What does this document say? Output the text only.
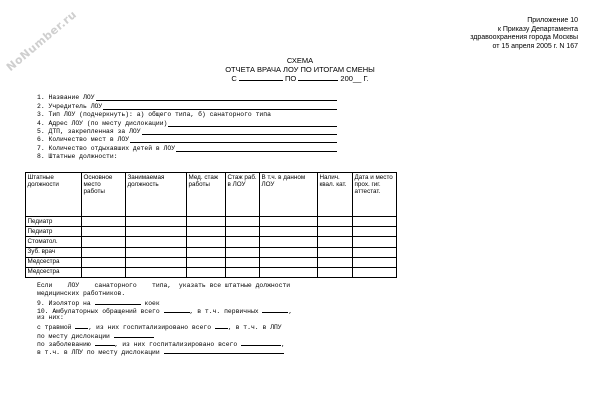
NoNumber.ru	Приложение 10
к Приказу Департамента
здравоохранения города Москвы
от 15 апреля 2005 г. N 167
СХЕМА
ОТЧЕТА ВРАЧА ЛОУ ПО ИТОГАМ СМЕНЫ
С	ПО	200__ Г.
1. Название ЛОУ
2. Учредитель ЛОУ
3. Тип ЛОУ (подчеркнуть): а) общего типа, б) санаторного типа
4. Адрес ЛОУ (по месту дислокации)
5. ДТП, закрепленная за ЛОУ
6. Количество мест в ЛОУ
7. Количество отдыхавших детей в ЛОУ
8. Штатные должности:
Штатные должности	Основное место работы	Занимаемая должность	Мед. стаж работы	Стаж раб. в ЛОУ	В т.ч. в данном ЛОУ	Налич. квал. кат.	Дата и место прох. гиг. аттестат.
Педиатр							
Педиатр							
Стоматол.							
Зуб. врач							
Медсестра							
Медсестра							
Если    ЛОУ    санаторного    типа,  указать все штатные должности
медицинских работников.
9. Изолятор на	коек
10. Амбулаторных обращений всего	, в т.ч. первичных	,
из них:
с травмой	, из них госпитализировано всего	, в т.ч. в ЛПУ
по месту дислокации
по заболеванию	, из них госпитализировано всего	,
в т.ч. в ЛПУ по месту дислокации
